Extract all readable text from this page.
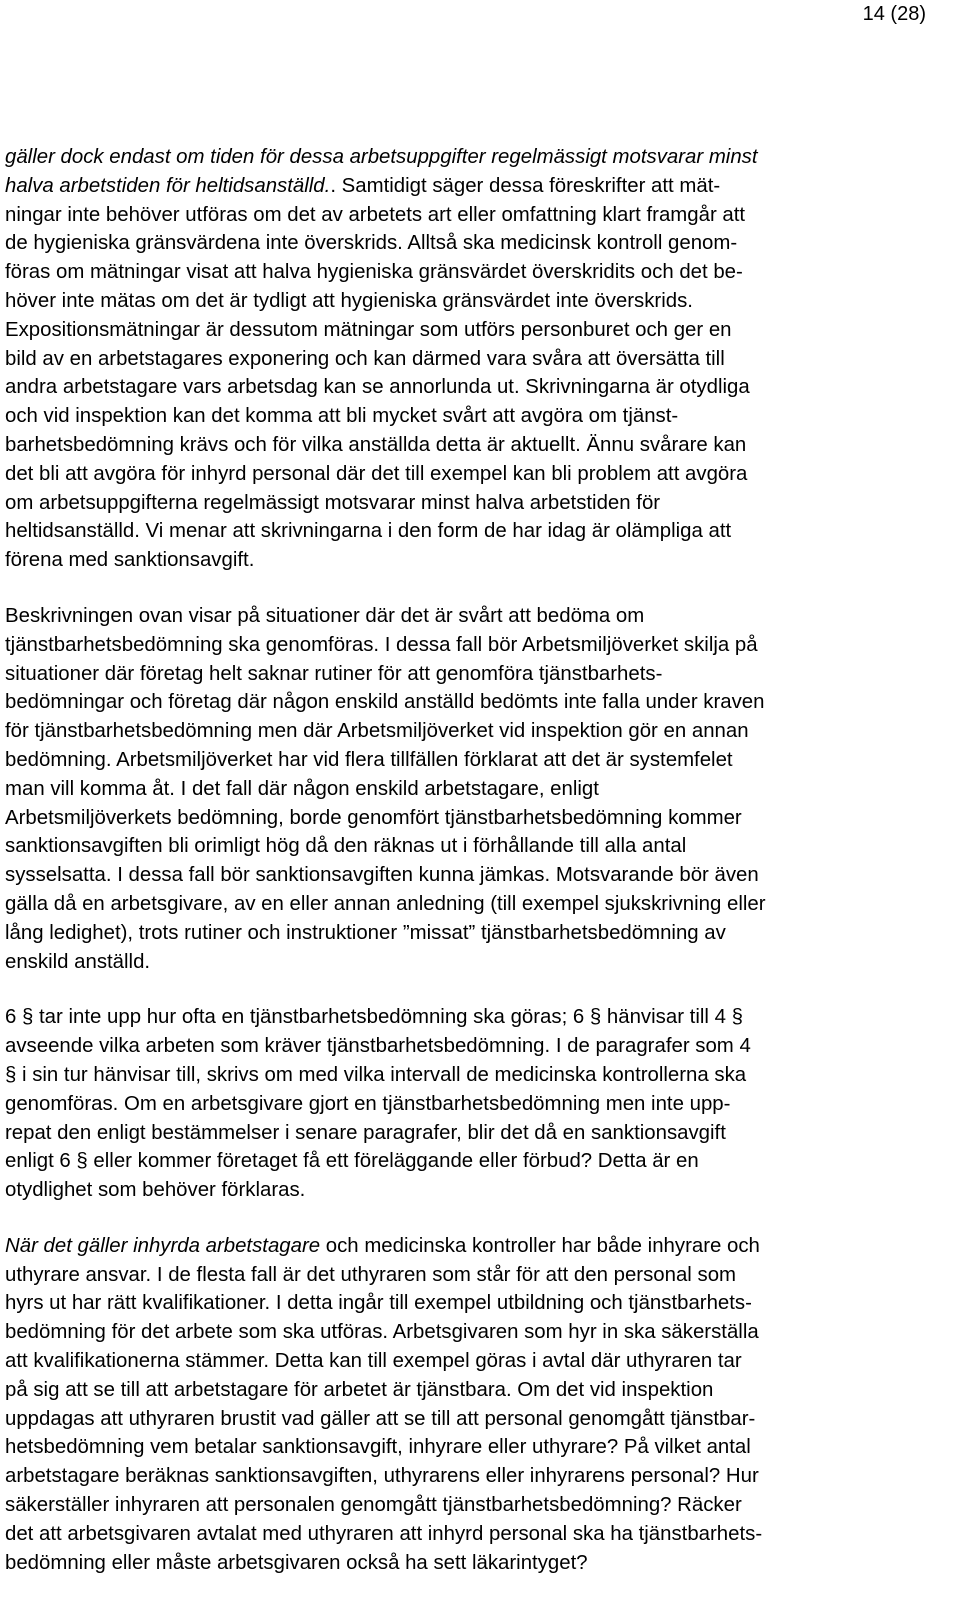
14 (28)

gäller dock endast om tiden för dessa arbetsuppgifter regelmässigt motsvarar minst
halva arbetstiden för heltidsanställd.. Samtidigt säger dessa föreskrifter att mät-
ningar inte behöver utföras om det av arbetets art eller omfattning klart framgår att
de hygieniska gränsvärdena inte överskrids. Alltså ska medicinsk kontroll genom-
föras om mätningar visat att halva hygieniska gränsvärdet överskridits och det be-
höver inte mätas om det är tydligt att hygieniska gränsvärdet inte överskrids.
Expositionsmätningar är dessutom mätningar som utförs personburet och ger en
bild av en arbetstagares exponering och kan därmed vara svåra att översätta till
andra arbetstagare vars arbetsdag kan se annorlunda ut. Skrivningarna är otydliga
och vid inspektion kan det komma att bli mycket svårt att avgöra om tjänst-
barhetsbedömning krävs och för vilka anställda detta är aktuellt. Ännu svårare kan
det bli att avgöra för inhyrd personal där det till exempel kan bli problem att avgöra
om arbetsuppgifterna regelmässigt motsvarar minst halva arbetstiden för
heltidsanställd. Vi menar att skrivningarna i den form de har idag är olämpliga att
förena med sanktionsavgift.

Beskrivningen ovan visar på situationer där det är svårt att bedöma om
tjänstbarhetsbedömning ska genomföras. I dessa fall bör Arbetsmiljöverket skilja på
situationer där företag helt saknar rutiner för att genomföra tjänstbarhets-
bedömningar och företag där någon enskild anställd bedömts inte falla under kraven
för tjänstbarhetsbedömning men där Arbetsmiljöverket vid inspektion gör en annan
bedömning. Arbetsmiljöverket har vid flera tillfällen förklarat att det är systemfelet
man vill komma åt. I det fall där någon enskild arbetstagare, enligt
Arbetsmiljöverkets bedömning, borde genomfört tjänstbarhetsbedömning kommer
sanktionsavgiften bli orimligt hög då den räknas ut i förhållande till alla antal
sysselsatta. I dessa fall bör sanktionsavgiften kunna jämkas. Motsvarande bör även
gälla då en arbetsgivare, av en eller annan anledning (till exempel sjukskrivning eller
lång ledighet), trots rutiner och instruktioner ”missat” tjänstbarhetsbedömning av
enskild anställd.

6 § tar inte upp hur ofta en tjänstbarhetsbedömning ska göras; 6 § hänvisar till 4 §
avseende vilka arbeten som kräver tjänstbarhetsbedömning. I de paragrafer som 4
§ i sin tur hänvisar till, skrivs om med vilka intervall de medicinska kontrollerna ska
genomföras. Om en arbetsgivare gjort en tjänstbarhetsbedömning men inte upp-
repat den enligt bestämmelser i senare paragrafer, blir det då en sanktionsavgift
enligt 6 § eller kommer företaget få ett föreläggande eller förbud? Detta är en
otydlighet som behöver förklaras.

När det gäller inhyrda arbetstagare och medicinska kontroller har både inhyrare och
uthyrare ansvar. I de flesta fall är det uthyraren som står för att den personal som
hyrs ut har rätt kvalifikationer. I detta ingår till exempel utbildning och tjänstbarhets-
bedömning för det arbete som ska utföras. Arbetsgivaren som hyr in ska säkerställa
att kvalifikationerna stämmer. Detta kan till exempel göras i avtal där uthyraren tar
på sig att se till att arbetstagare för arbetet är tjänstbara. Om det vid inspektion
uppdagas att uthyraren brustit vad gäller att se till att personal genomgått tjänstbar-
hetsbedömning vem betalar sanktionsavgift, inhyrare eller uthyrare? På vilket antal
arbetstagare beräknas sanktionsavgiften, uthyrarens eller inhyrarens personal? Hur
säkerställer inhyraren att personalen genomgått tjänstbarhetsbedömning? Räcker
det att arbetsgivaren avtalat med uthyraren att inhyrd personal ska ha tjänstbarhets-
bedömning eller måste arbetsgivaren också ha sett läkarintyget?
